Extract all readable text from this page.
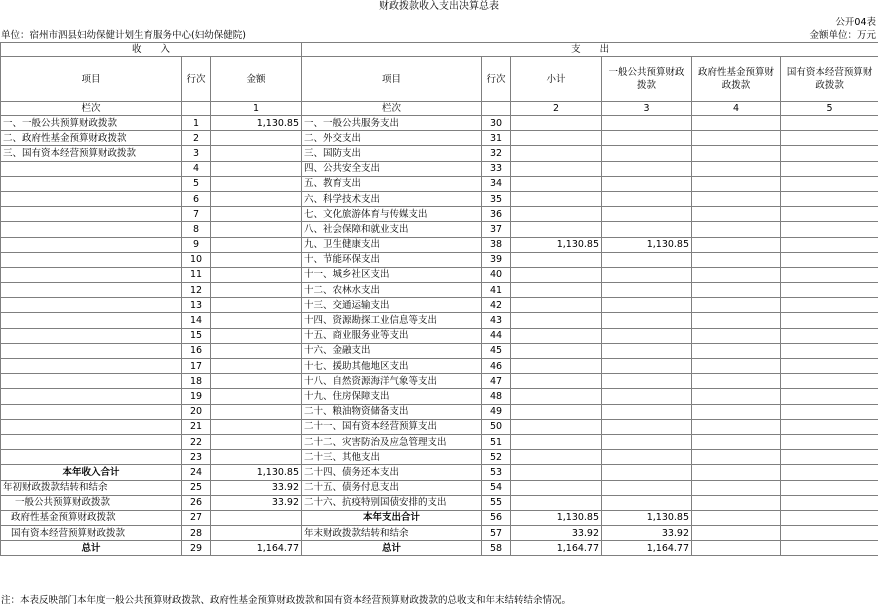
财政拨款收入支出决算总表
公开04表
单位：宿州市泗县妇幼保健计划生育服务中心(妇幼保健院)	金额单位：万元
收　　入			支　　出					
项目	行次	金额	项目	行次	小计	一般公共预算财政拨款	政府性基金预算财政拨款	国有资本经营预算财政拨款
栏次		1	栏次		2	3	4	5
一、一般公共预算财政拨款	1	1,130.85	一、一般公共服务支出	30				
二、政府性基金预算财政拨款	2		二、外交支出	31				
三、国有资本经营预算财政拨款	3		三、国防支出	32				
	4		四、公共安全支出	33				
	5		五、教育支出	34				
	6		六、科学技术支出	35				
	7		七、文化旅游体育与传媒支出	36				
	8		八、社会保障和就业支出	37				
	9		九、卫生健康支出	38	1,130.85	1,130.85		
	10		十、节能环保支出	39				
	11		十一、城乡社区支出	40				
	12		十二、农林水支出	41				
	13		十三、交通运输支出	42				
	14		十四、资源勘探工业信息等支出	43				
	15		十五、商业服务业等支出	44				
	16		十六、金融支出	45				
	17		十七、援助其他地区支出	46				
	18		十八、自然资源海洋气象等支出	47				
	19		十九、住房保障支出	48				
	20		二十、粮油物资储备支出	49				
	21		二十一、国有资本经营预算支出	50				
	22		二十二、灾害防治及应急管理支出	51				
	23		二十三、其他支出	52				
本年收入合计	24	1,130.85	二十四、债务还本支出	53				
年初财政拨款结转和结余	25	33.92	二十五、债务付息支出	54				
一般公共预算财政拨款	26	33.92	二十六、抗疫特别国债安排的支出	55				
政府性基金预算财政拨款	27		本年支出合计	56	1,130.85	1,130.85		
国有资本经营预算财政拨款	28		年末财政拨款结转和结余	57	33.92	33.92		
总计	29	1,164.77	总计	58	1,164.77	1,164.77		
注：本表反映部门本年度一般公共预算财政拨款、政府性基金预算财政拨款和国有资本经营预算财政拨款的总收支和年末结转结余情况。
